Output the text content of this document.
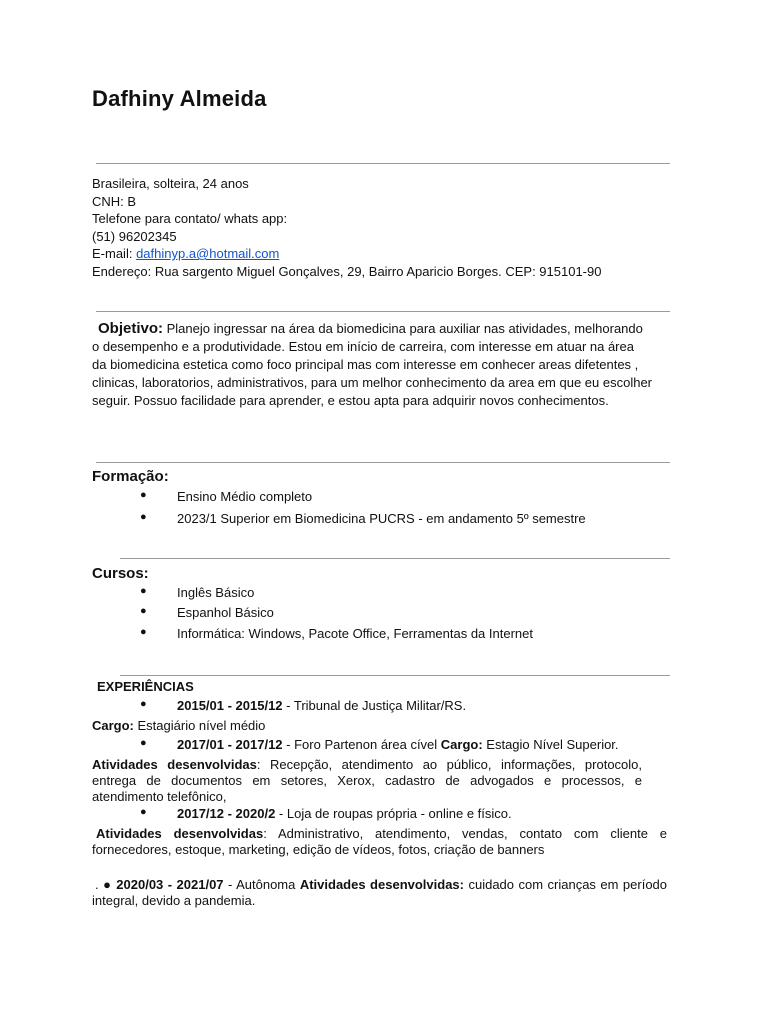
Dafhiny Almeida
Brasileira, solteira, 24 anos
CNH: B
Telefone para contato/ whats app:
(51) 96202345
E-mail: dafhinyp.a@hotmail.com
Endereço: Rua sargento Miguel Gonçalves, 29, Bairro Aparicio Borges. CEP: 915101-90
Objetivo: Planejo ingressar na área da biomedicina para auxiliar nas atividades, melhorando o desempenho e a produtividade. Estou em início de carreira, com interesse em atuar na área da biomedicina estetica como foco principal mas com interesse em conhecer areas difetentes , clinicas, laboratorios, administrativos, para um melhor conhecimento da area em que eu escolher seguir. Possuo facilidade para aprender, e estou apta para adquirir novos conhecimentos.
Formação:
● Ensino Médio completo
● 2023/1 Superior em Biomedicina PUCRS - em andamento 5º semestre
Cursos:
● Inglês Básico
● Espanhol Básico
● Informática: Windows, Pacote Office, Ferramentas da Internet
EXPERIÊNCIAS
● 2015/01 - 2015/12 - Tribunal de Justiça Militar/RS.
Cargo: Estagiário nível médio
● 2017/01 - 2017/12 - Foro Partenon área cível Cargo: Estagio Nível Superior.
Atividades desenvolvidas: Recepção, atendimento ao público, informações, protocolo, entrega de documentos em setores, Xerox, cadastro de advogados e processos, e atendimento telefônico,
● 2017/12 - 2020/2 - Loja de roupas própria - online e físico.
Atividades desenvolvidas: Administrativo, atendimento, vendas, contato com cliente e fornecedores, estoque, marketing, edição de vídeos, fotos, criação de banners
. ● 2020/03 - 2021/07 - Autônoma Atividades desenvolvidas: cuidado com crianças em período integral, devido a pandemia.
